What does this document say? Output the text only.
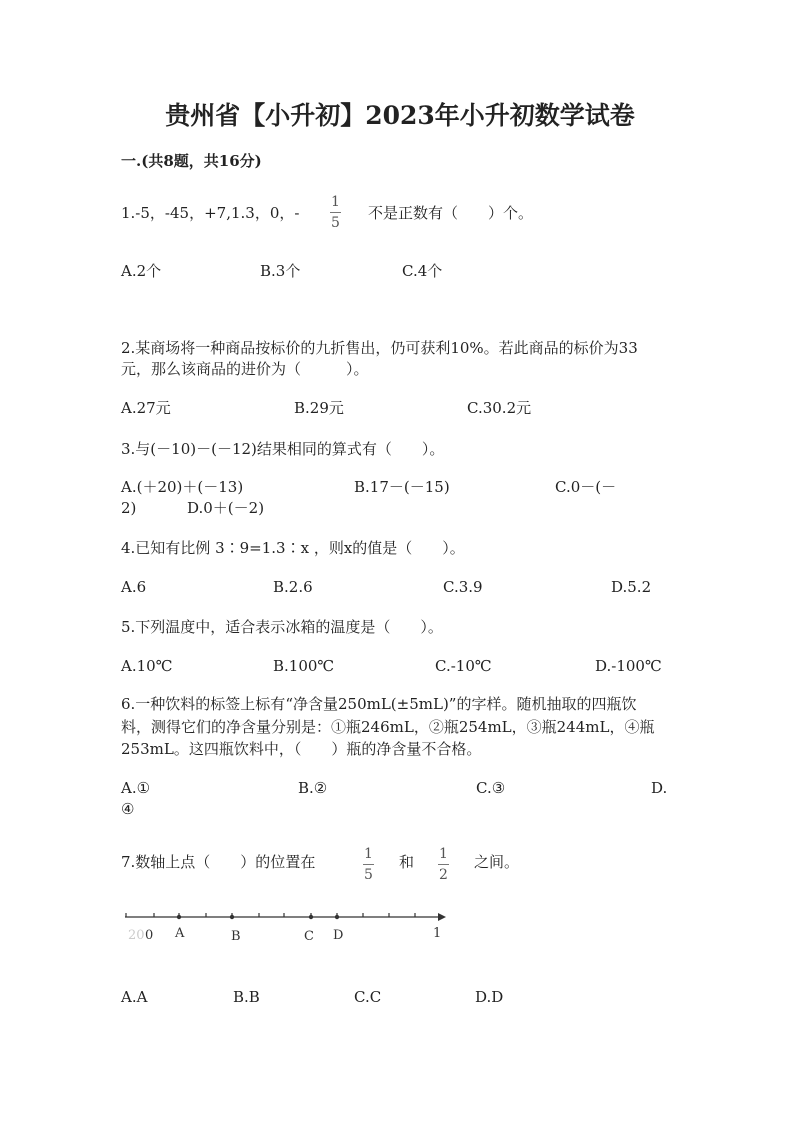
贵州省【小升初】2023年小升初数学试卷
一.(共8题，共16分)
1.-5，-45，+7,1.3，0，-
1
5
不是正数有（　　）个。
A.2个	B.3个	C.4个
2.某商场将一种商品按标价的九折售出，仍可获利10%。若此商品的标价为33
元，那么该商品的进价为（　　　）。
A.27元	B.29元	C.30.2元
3.与(－10)－(－12)结果相同的算式有（　　）。
A.(＋20)＋(－13)	B.17－(－15)	C.0－(－
2)	D.0＋(－2)
4.已知有比例 3∶9=1.3∶x ，则x的值是（　　）。
A.6	B.2.6	C.3.9	D.5.2
5.下列温度中，适合表示冰箱的温度是（　　）。
A.10℃	B.100℃	C.-10℃	D.-100℃
6.一种饮料的标签上标有“净含量250mL(±5mL)”的字样。随机抽取的四瓶饮
料，测得它们的净含量分别是：①瓶246mL，②瓶254mL，③瓶244mL，④瓶
253mL。这四瓶饮料中，（　　）瓶的净含量不合格。
A.①	B.②	C.③	D.
④
7.数轴上点（　　）的位置在	1
5
和 1
2
之间。
20 0 A	B	C D	1
A.A	B.B	C.C	D.D
